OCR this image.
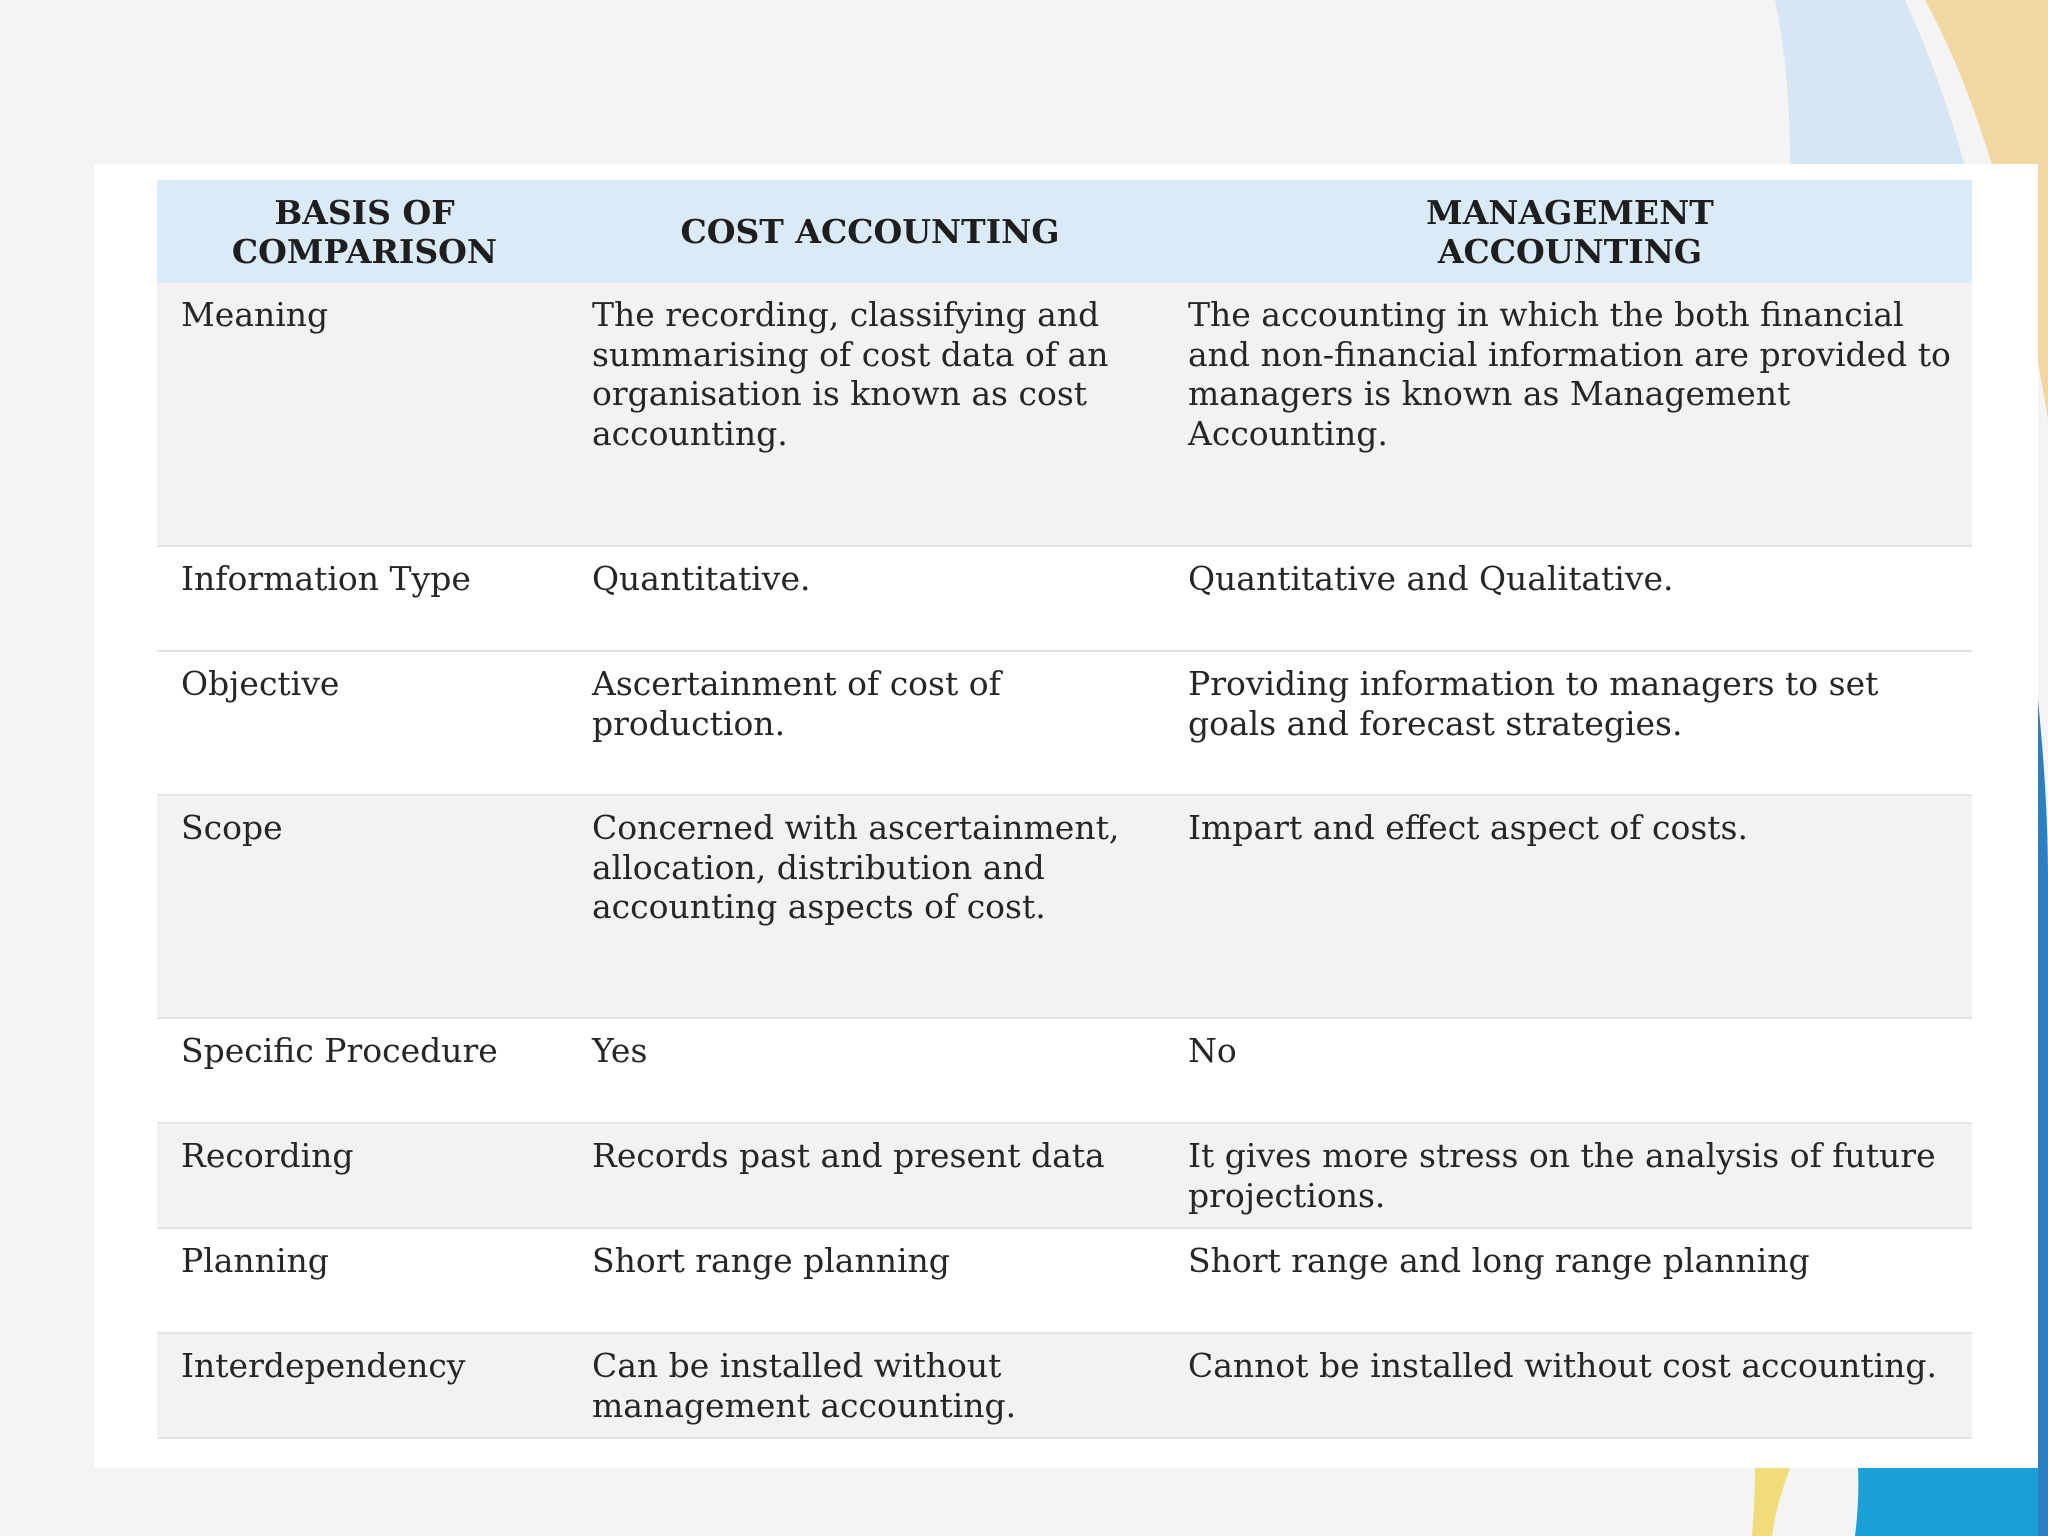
BASIS OF COMPARISON	COST ACCOUNTING	MANAGEMENT ACCOUNTING
Meaning	The recording, classifying and summarising of cost data of an organisation is known as cost accounting.	The accounting in which the both financial and non-financial information are provided to managers is known as Management Accounting.
Information Type	Quantitative.	Quantitative and Qualitative.
Objective	Ascertainment of cost of production.	Providing information to managers to set goals and forecast strategies.
Scope	Concerned with ascertainment, allocation, distribution and accounting aspects of cost.	Impart and effect aspect of costs.
Specific Procedure	Yes	No
Recording	Records past and present data	It gives more stress on the analysis of future projections.
Planning	Short range planning	Short range and long range planning
Interdependency	Can be installed without management accounting.	Cannot be installed without cost accounting.
